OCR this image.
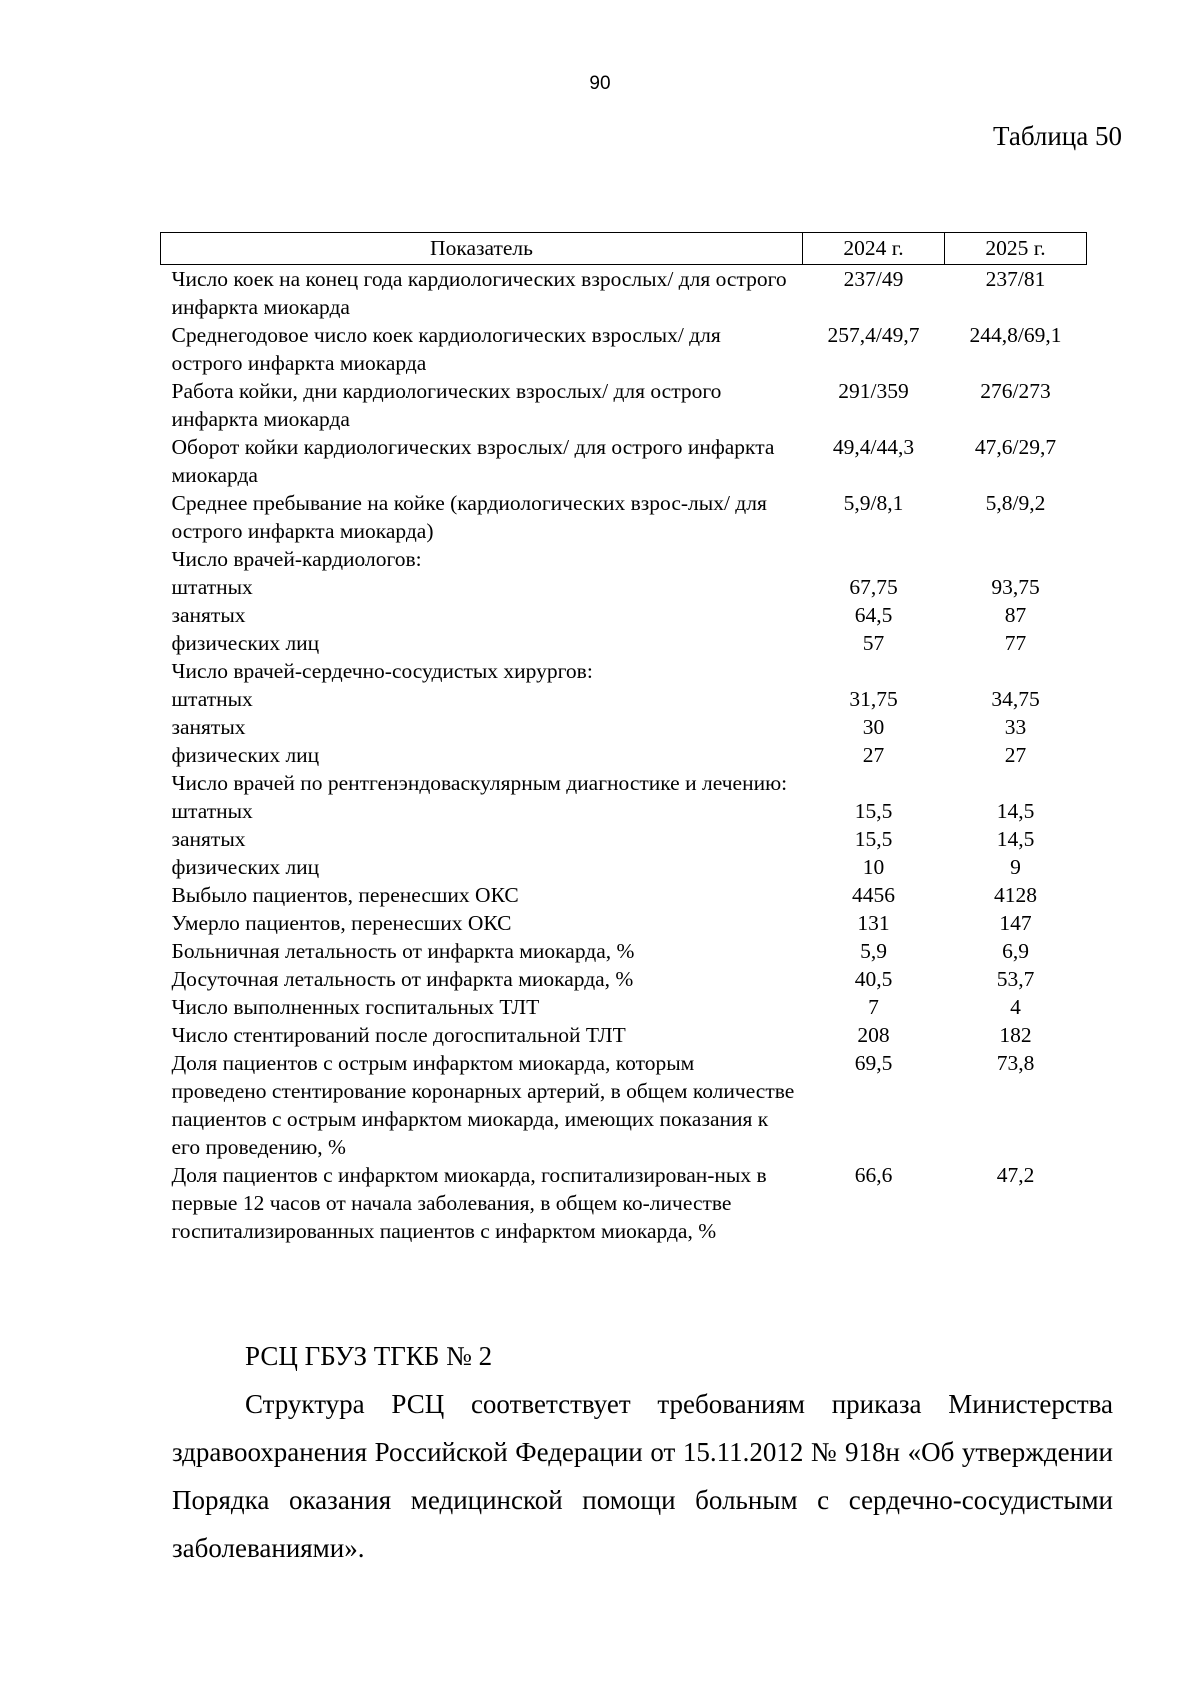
90
Таблица 50
Показатель	2024 г.	2025 г.
Число коек на конец года кардиологических взрослых/ для острого инфаркта миокарда	237/49	237/81
Среднегодовое число коек кардиологических взрослых/ для острого инфаркта миокарда	257,4/49,7	244,8/69,1
Работа койки, дни кардиологических взрослых/ для острого инфаркта миокарда	291/359	276/273
Оборот койки кардиологических взрослых/ для острого инфаркта миокарда	49,4/44,3	47,6/29,7
Среднее пребывание на койке (кардиологических взрос-лых/ для острого инфаркта миокарда)	5,9/8,1	5,8/9,2
Число врачей-кардиологов:		
штатных	67,75	93,75
занятых	64,5	87
физических лиц	57	77
Число врачей-сердечно-сосудистых хирургов:		
штатных	31,75	34,75
занятых	30	33
физических лиц	27	27
Число врачей по рентгенэндоваскулярным диагностике и лечению:		
штатных	15,5	14,5
занятых	15,5	14,5
физических лиц	10	9
Выбыло пациентов, перенесших ОКС	4456	4128
Умерло пациентов, перенесших ОКС	131	147
Больничная летальность от инфаркта миокарда, %	5,9	6,9
Досуточная летальность от инфаркта миокарда, %	40,5	53,7
Число выполненных госпитальных ТЛТ	7	4
Число стентирований после догоспитальной ТЛТ	208	182
Доля пациентов с острым инфарктом миокарда, которым проведено стентирование коронарных артерий, в общем количестве пациентов с острым инфарктом миокарда, имеющих показания к его проведению, %	69,5	73,8
Доля пациентов с инфарктом миокарда, госпитализирован-ных в первые 12 часов от начала заболевания, в общем ко-личестве госпитализированных пациентов с инфарктом миокарда, %	66,6	47,2
РСЦ ГБУЗ ТГКБ № 2

Структура РСЦ соответствует требованиям приказа Министерства здравоохранения Российской Федерации от 15.11.2012 № 918н «Об утверждении Порядка оказания медицинской помощи больным с сердечно-сосудистыми заболеваниями».
